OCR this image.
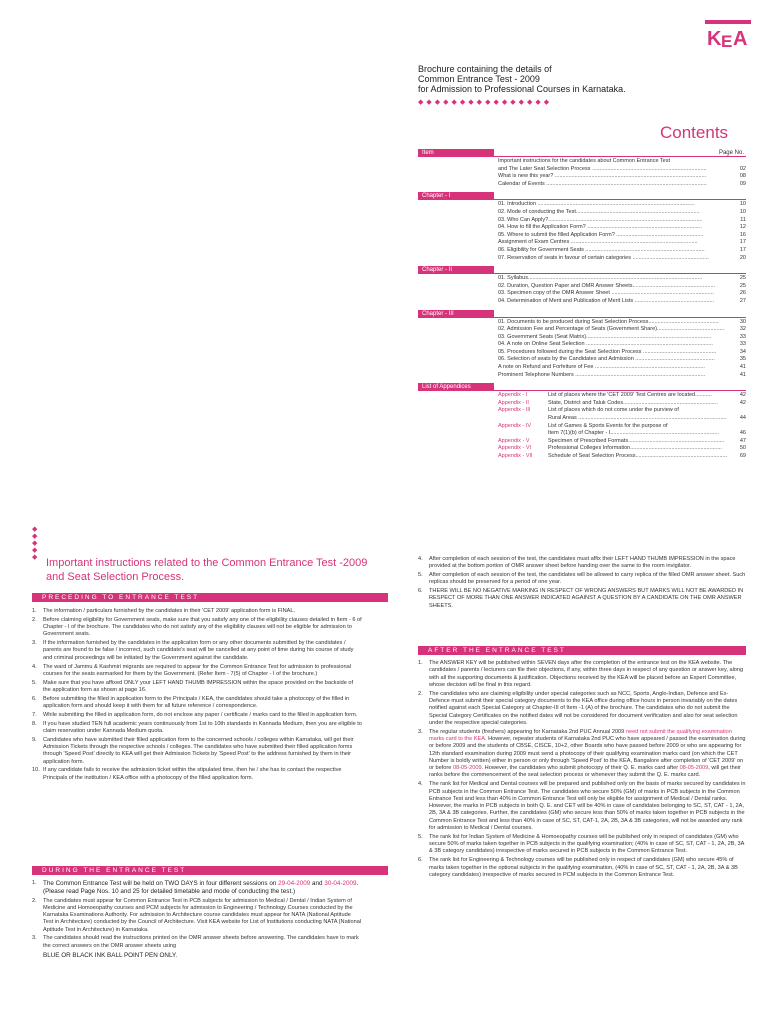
K E A
Brochure containing the details of
Common Entrance Test - 2009
for Admission to Professional Courses in Karnataka.
◆◆◆◆◆◆◆◆◆◆◆◆◆◆◆◆
Contents
Item	Page No.
Important instructions for the candidates about Common Entrance Test
and The Later Seat Selection Process ...........................................................................	02
What is new this year? ...................................................................................................	08
Calendar of Events .........................................................................................................	09
Chapter - I
01. Introduction .......................................................................................................	10
02. Mode of conducting the Test.................................................................................	10
03. Who Can Apply?.....................................................................................................	11
04. How to fill the Application Form? ...........................................................................	12
05. Where to submit the filled Application Form? .........................................................	16
Assignment of Exam Centres ...................................................................................	17
06. Eligibility for Government Seats ..............................................................................	17
07. Reservation of seats in favour of certain categories ..................................................	20
Chapter - II
01. Syllabus..................................................................................................................	25
02. Duration, Question Paper and OMR Answer Sheets......................................................	25
03. Specimen copy of the OMR Answer Sheet ...................................................................	26
04. Determination of Merit and Publication of Merit Lists ....................................................	27
Chapter - III
01. Documents to be produced during Seat Selection Process..............................................	30
02. Admission Fee and Percentage of Seats (Government Share)............................................	32
03. Government Seats (Seat Matrix)..................................................................................	33
04. A note on Online Seat Selection ...................................................................................	33
05. Procedures followed during the Seat Selection Process ................................................	34
06. Selection of seats by the Candidates and Admission ....................................................	35
A note on Refund and Forfeiture of Fee ........................................................................	41
Prominent Telephone Numbers .....................................................................................	41
List of Appendices
Appendix - I	List of places where the 'CET 2009' Test Centres are located...........	42
Appendix - II	State, District and Taluk Codes..............................................................	42
Appendix - III	List of places which do not come under the purview of
Rural Areas .................................................................................................	44
Appendix - IV	List of Games & Sports Events for the purpose of
Item 7(1)(b) of Chapter - I.......................................................................	46
Appendix - V	Specimen of Prescribed Formats...............................................................	47
Appendix - VI	Professional Colleges Information............................................................	50
Appendix - VII	Schedule of Seat Selection Process............................................................	69
◆
◆
◆
◆
◆ Important instructions related to the Common Entrance Test -2009 and Seat Selection Process.
PRECEDING TO ENTRANCE TEST
1.	The information / particulars furnished by the candidates in their 'CET 2009' application form is FINAL.
2.	Before claiming eligibility for Government seats, make sure that you satisfy any one of the eligibility clauses detailed in Item - 6 of Chapter - I of the brochure. The candidates who do not satisfy any of the eligibility clauses will not be eligible for admission to Government seats.
3.	If the information furnished by the candidates in the application form or any other documents submitted by the candidates / parents are found to be false / incorrect, such candidate's seat will be cancelled at any point of time during his course of study and criminal proceedings will be initiated by the Government against the candidate.
4.	The ward of Jammu & Kashmiri migrants are required to appear for the Common Entrance Test for admission to professional courses for the seats earmarked for them by the Government. (Refer Item - 7(5) of Chapter - I of the brochure.)
5.	Make sure that you have affixed ONLY your LEFT HAND THUMB IMPRESSION within the space provided on the backside of the application form as shown at page 16.
6.	Before submitting the filled in application form to the Principals / KEA, the candidates should take a photocopy of the filled in application form and should keep it with them for all future reference / correspondence.
7.	While submitting the filled in application form, do not enclose any paper / certificate / marks card to the filled in application form.
8.	If you have studied TEN full academic years continuously from 1st to 10th standards in Kannada Medium, then you are eligible to claim reservation under Kannada Medium quota.
9.	Candidates who have submitted their filled application form to the concerned schools / colleges within Karnataka, will get their Admission Tickets through the respective schools / colleges. The candidates who have submitted their filled application forms through 'Speed Post' directly to KEA will get their Admission Tickets by 'Speed Post' to the address furnished by them in their application form.
10. If any candidate fails to receive the admission ticket within the stipulated time, then he / she has to contact the respective Principals of the institution / KEA office with a photocopy of the filled application form.
DURING THE ENTRANCE TEST
1.	The Common Entrance Test will be held on TWO DAYS in four different sessions on 29-04-2009 and 30-04-2009. (Please read Page Nos. 10 and 25 for detailed timetable and mode of conducting the test.)
2.	The candidates must appear for Common Entrance Test in PCB subjects for admission to Medical / Dental / Indian System of Medicine and Homoeopathy courses and PCM subjects for admission to Engineering / Technology Courses conducted by the Karnataka Examinations Authority. For admission to Architecture course candidates must appear for NATA (National Aptitude Test in Architecture) conducted by the Council of Architecture. Visit KEA website for List of Institutions conducting NATA (National Aptitude Test in Architecture) in Karnataka.
3.	The candidates should read the instructions printed on the OMR answer sheets before answering. The candidates have to mark the correct answers on the OMR answer sheets using
BLUE OR BLACK INK BALL POINT PEN ONLY.
4.	After completion of each session of the test, the candidates must affix their LEFT HAND THUMB IMPRESSION in the space provided at the bottom portion of OMR answer sheet before handing over the same to the room invigilator.
5.	After completion of each session of the test, the candidates will be allowed to carry replica of the filled OMR answer sheet. Such replicas should be preserved for a period of one year.
6.	THERE WILL BE NO NEGATIVE MARKING IN RESPECT OF WRONG ANSWERS BUT MARKS WILL NOT BE AWARDED IN RESPECT OF MORE THAN ONE ANSWER INDICATED AGAINST A QUESTION BY A CANDIDATE ON THE OMR ANSWER SHEETS.
AFTER THE ENTRANCE TEST
1.	The ANSWER KEY will be published within SEVEN days after the completion of the entrance test on the KEA website. The candidates / parents / lecturers can file their objections, if any, within three days in respect of any question or answer key, along with all the supporting documents & justification. Objections received by the KEA will be placed before an Expert Committee, whose decision will be final in this regard.
2.	The candidates who are claiming eligibility under special categories such as NCC, Sports, Anglo-Indian, Defence and Ex-Defence must submit their special category documents to the KEA office during office hours in person invariably on the dates notified against each Special Category at Chapter-III of Item -1 (A) of the brochure. The candidates who do not submit the Special Category Certificates on the notified dates will not be considered for document verification and also for seat selection under the respective special categories.
3.	The regular students (freshers) appearing for Karnataka 2nd PUC Annual 2009 need not submit the qualifying examination marks card to the KEA. However, repeater students of Karnataka 2nd PUC who have appeared / passed the examination during or before 2009 and the students of CBSE, CISCE, 10+2, other Boards who have passed before 2009 or who are appearing for 12th standard examination during 2009 must send a photocopy of their qualifying examination marks card (on which the CET Number is boldly written) either in person or only through 'Speed Post' to the KEA, Bangalore after completion of 'CET 2009' on or before 08-05-2009. However, the candidates who submit photocopy of their Q. E. marks card after 08-05-2009, will get their ranks before the commencement of the seat selection process or whenever they submit the Q. E. marks card.
4.	The rank list for Medical and Dental courses will be prepared and published only on the basis of marks secured by candidates in PCB subjects in the Common Entrance Test. The candidates who secure 50% (GM) of marks in PCB subjects in the Common Entrance Test and less than 40% in Common Entrance Test will only be eligible for assignment of Medical / Dental ranks. However, the marks in PCB subjects in both Q. E. and CET will be 40% in case of candidates belonging to SC, ST, CAT - 1, 2A, 2B, 3A & 3B categories. Further, the candidates (GM) who secure less than 50% of marks taken together in PCB subjects in the Common Entrance Test and less than 40% in case of SC, ST, CAT-1, 2A, 2B, 3A & 3B categories, will not be awarded any rank for admission to Medical / Dental courses.
5.	The rank list for Indian System of Medicine & Homoeopathy courses will be published only in respect of candidates (GM) who secure 50% of marks taken together in PCB subjects in the qualifying examination; (40% in case of SC, ST, CAT - 1, 2A, 2B, 3A & 3B category candidates) irrespective of marks secured in PCB subjects in the Common Entrance Test.
6.	The rank list for Engineering & Technology courses will be published only in respect of candidates (GM) who secure 45% of marks taken together in the optional subjects in the qualifying examination, (40% in case of SC, ST, CAT - 1, 2A, 2B, 3A & 3B category candidates) irrespective of marks secured in PCM subjects in the Common Entrance Test.
